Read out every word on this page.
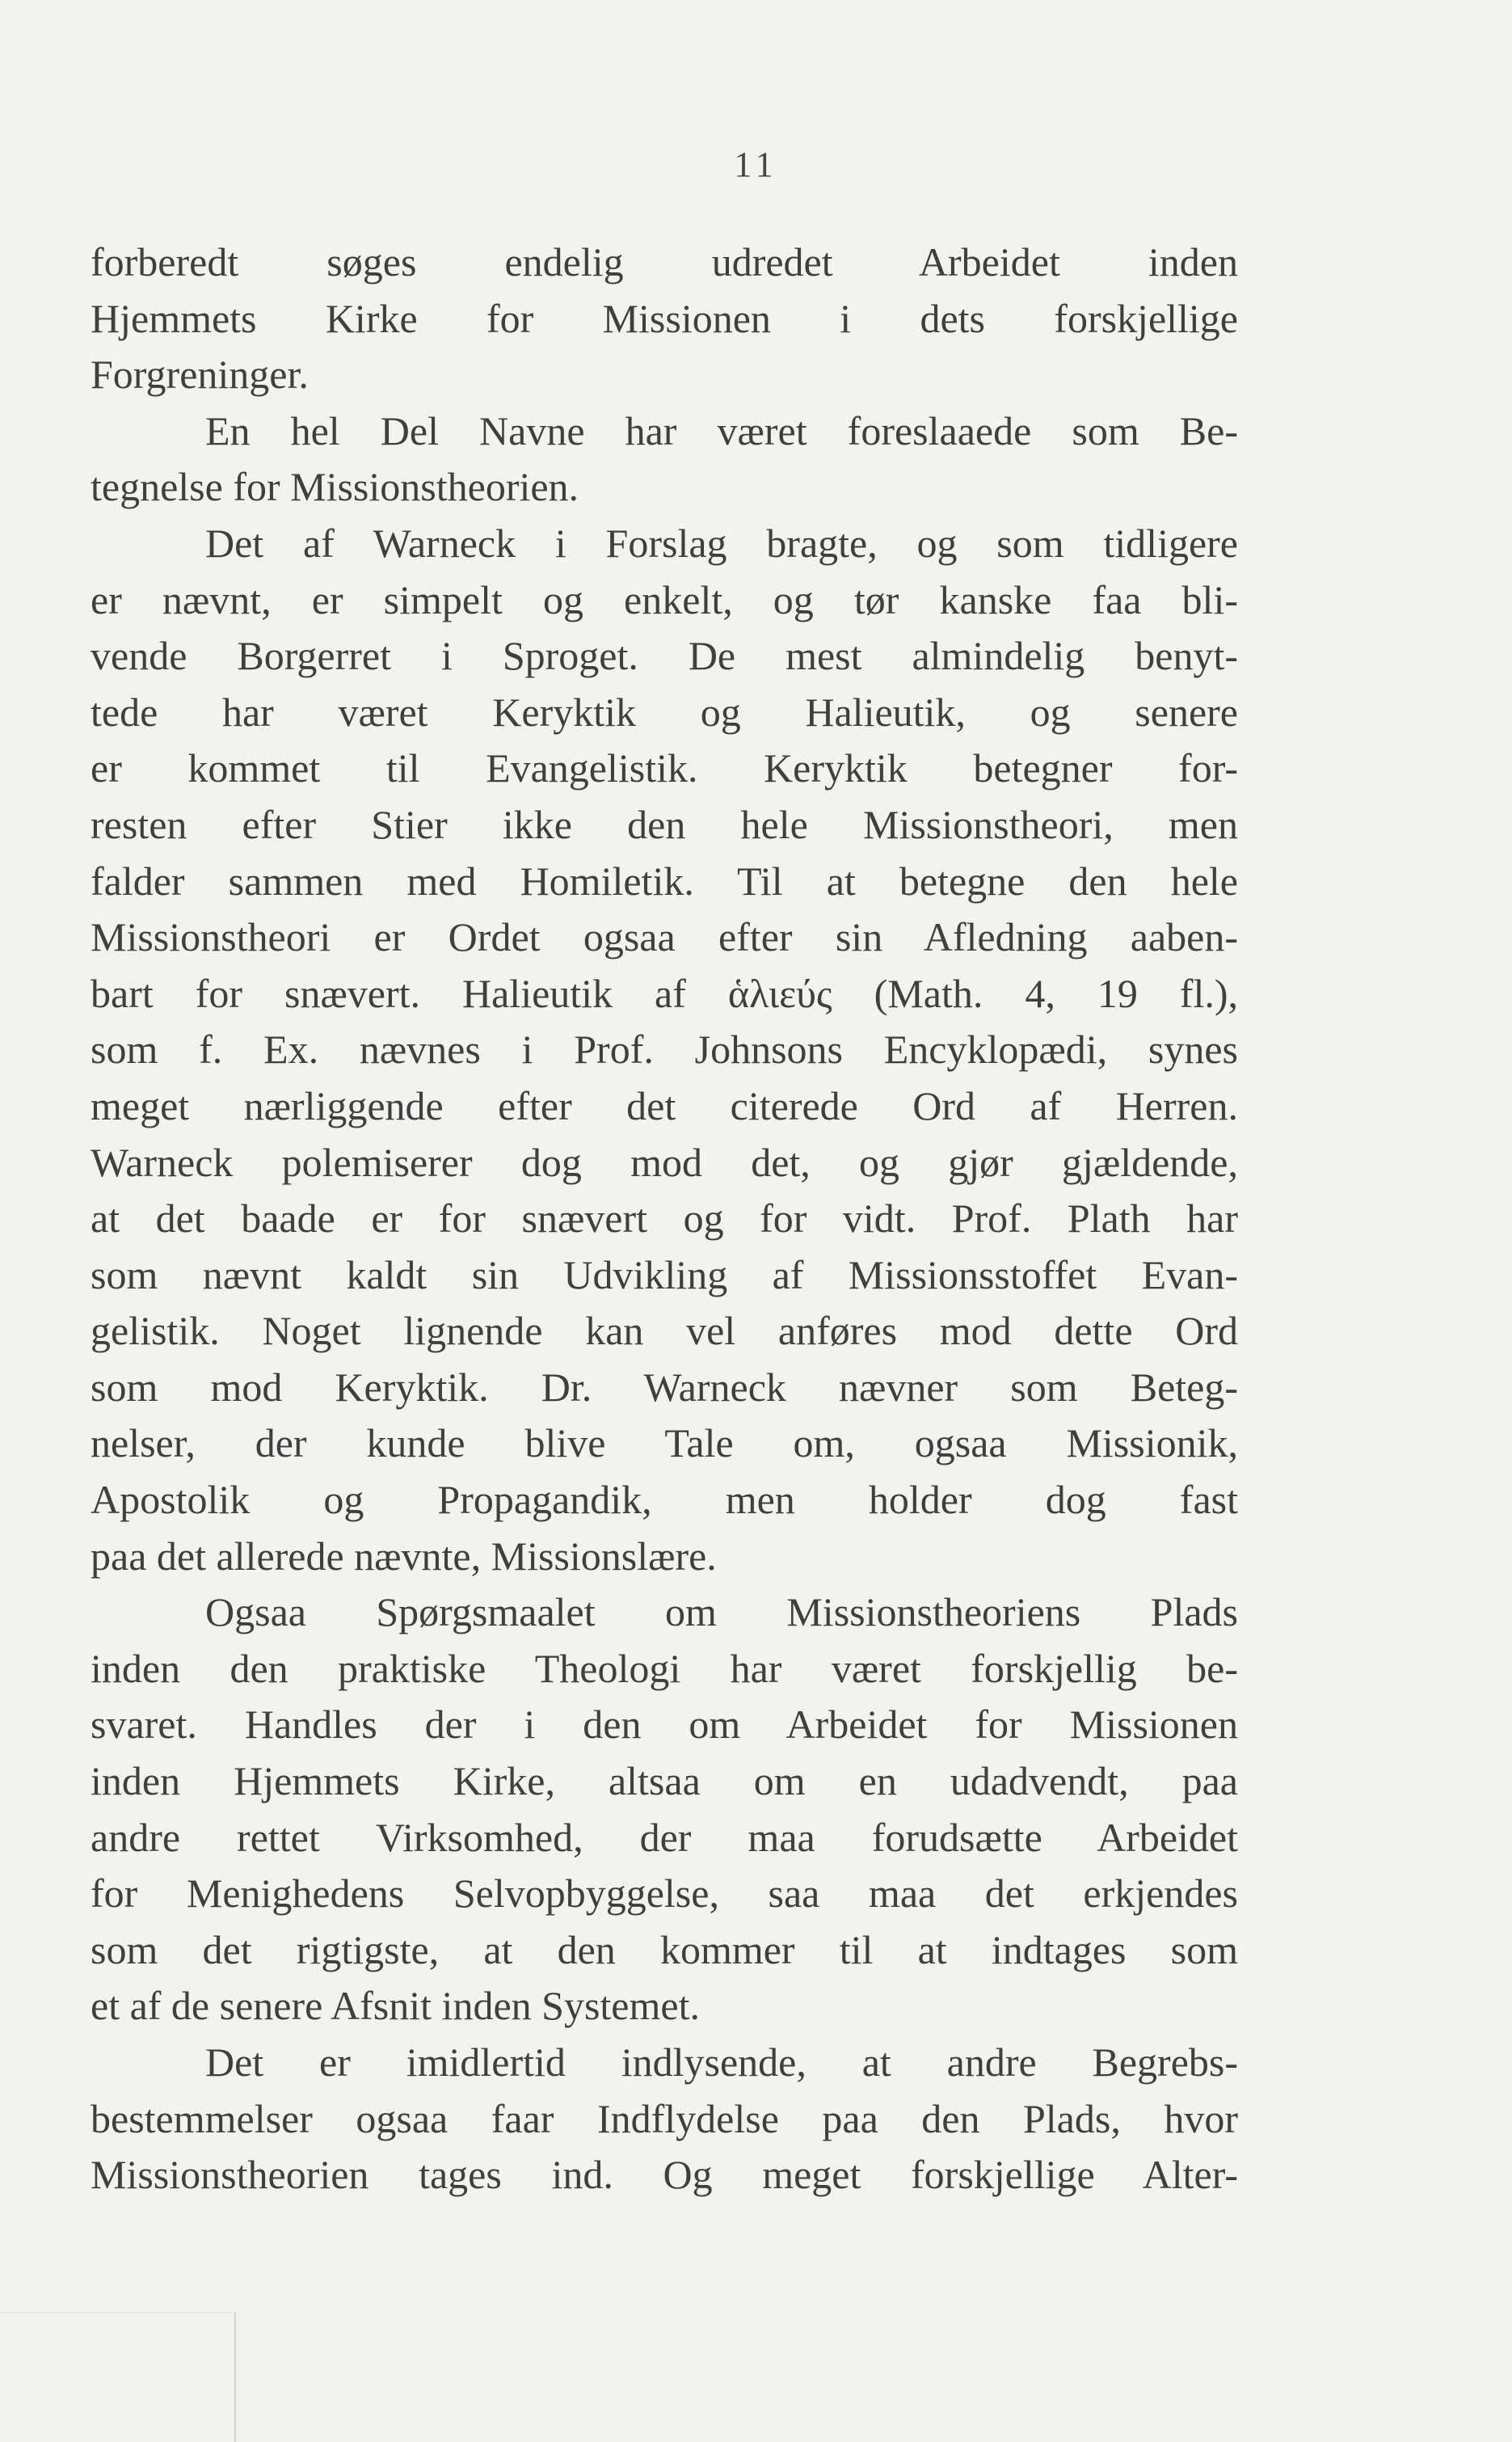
11
forberedt søges endelig udredet Arbeidet inden
Hjemmets Kirke for Missionen i dets forskjellige
Forgreninger.
En hel Del Navne har været foreslaaede som Be-
tegnelse for Missionstheorien.
Det af Warneck i Forslag bragte, og som tidligere
er nævnt, er simpelt og enkelt, og tør kanske faa bli-
vende Borgerret i Sproget. De mest almindelig benyt-
tede har været Keryktik og Halieutik, og senere
er kommet til Evangelistik. Keryktik betegner for-
resten efter Stier ikke den hele Missionstheori, men
falder sammen med Homiletik. Til at betegne den hele
Missionstheori er Ordet ogsaa efter sin Afledning aaben-
bart for snævert. Halieutik af ἁλιεύς (Math. 4, 19 fl.),
som f. Ex. nævnes i Prof. Johnsons Encyklopædi, synes
meget nærliggende efter det citerede Ord af Herren.
Warneck polemiserer dog mod det, og gjør gjældende,
at det baade er for snævert og for vidt. Prof. Plath har
som nævnt kaldt sin Udvikling af Missionsstoffet Evan-
gelistik. Noget lignende kan vel anføres mod dette Ord
som mod Keryktik. Dr. Warneck nævner som Beteg-
nelser, der kunde blive Tale om, ogsaa Missionik,
Apostolik og Propagandik, men holder dog fast
paa det allerede nævnte, Missionslære.
Ogsaa Spørgsmaalet om Missionstheoriens Plads
inden den praktiske Theologi har været forskjellig be-
svaret. Handles der i den om Arbeidet for Missionen
inden Hjemmets Kirke, altsaa om en udadvendt, paa
andre rettet Virksomhed, der maa forudsætte Arbeidet
for Menighedens Selvopbyggelse, saa maa det erkjendes
som det rigtigste, at den kommer til at indtages som
et af de senere Afsnit inden Systemet.
Det er imidlertid indlysende, at andre Begrebs-
bestemmelser ogsaa faar Indflydelse paa den Plads, hvor
Missionstheorien tages ind. Og meget forskjellige Alter-
